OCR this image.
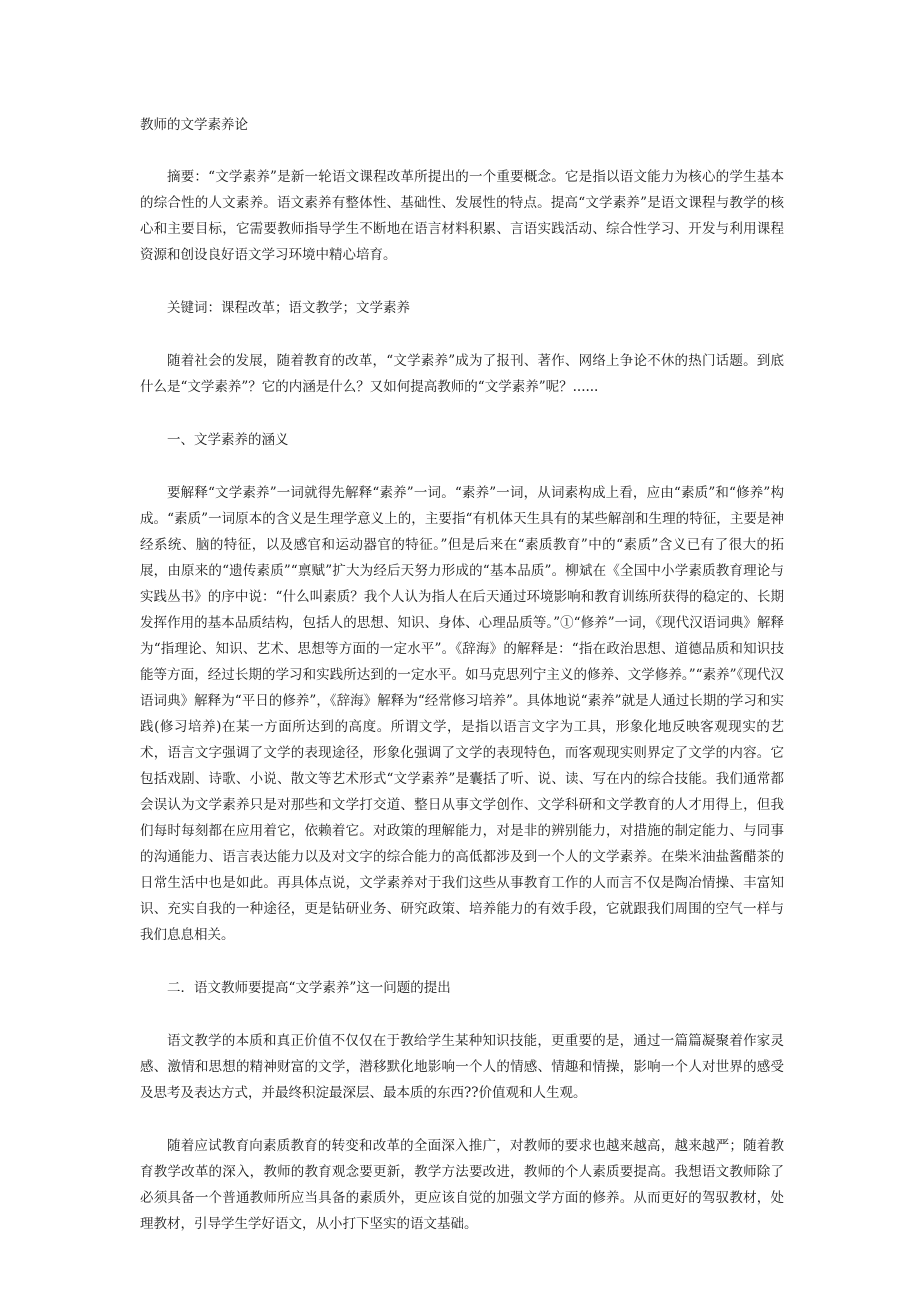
教师的文学素养论

摘要：“文学素养”是新一轮语文课程改革所提出的一个重要概念。它是指以语文能力为核心的学生基本的综合性的人文素养。语文素养有整体性、基础性、发展性的特点。提高“文学素养”是语文课程与教学的核心和主要目标，它需要教师指导学生不断地在语言材料积累、言语实践活动、综合性学习、开发与利用课程资源和创设良好语文学习环境中精心培育。

关键词：课程改革；语文教学；文学素养

随着社会的发展，随着教育的改革，“文学素养”成为了报刊、著作、网络上争论不休的热门话题。到底什么是“文学素养”？它的内涵是什么？又如何提高教师的“文学素养”呢？......

一、文学素养的涵义

要解释“文学素养”一词就得先解释“素养”一词。“素养”一词，从词素构成上看，应由“素质”和“修养”构成。“素质”一词原本的含义是生理学意义上的，主要指“有机体天生具有的某些解剖和生理的特征，主要是神经系统、脑的特征，以及感官和运动器官的特征。”但是后来在“素质教育”中的“素质”含义已有了很大的拓展，由原来的“遗传素质”“禀赋”扩大为经后天努力形成的“基本品质”。柳斌在《全国中小学素质教育理论与实践丛书》的序中说：“什么叫素质？我个人认为指人在后天通过环境影响和教育训练所获得的稳定的、长期发挥作用的基本品质结构，包括人的思想、知识、身体、心理品质等。”①“修养”一词，《现代汉语词典》解释为“指理论、知识、艺术、思想等方面的一定水平”。《辞海》的解释是：“指在政治思想、道德品质和知识技能等方面，经过长期的学习和实践所达到的一定水平。如马克思列宁主义的修养、文学修养。”“素养”《现代汉语词典》解释为“平日的修养”，《辞海》解释为“经常修习培养”。具体地说“素养”就是人通过长期的学习和实践(修习培养)在某一方面所达到的高度。所谓文学，是指以语言文字为工具，形象化地反映客观现实的艺术，语言文字强调了文学的表现途径，形象化强调了文学的表现特色，而客观现实则界定了文学的内容。它包括戏剧、诗歌、小说、散文等艺术形式“文学素养”是囊括了听、说、读、写在内的综合技能。我们通常都会误认为文学素养只是对那些和文学打交道、整日从事文学创作、文学科研和文学教育的人才用得上，但我们每时每刻都在应用着它，依赖着它。对政策的理解能力，对是非的辨别能力，对措施的制定能力、与同事的沟通能力、语言表达能力以及对文字的综合能力的高低都涉及到一个人的文学素养。在柴米油盐酱醋茶的日常生活中也是如此。再具体点说，文学素养对于我们这些从事教育工作的人而言不仅是陶冶情操、丰富知识、充实自我的一种途径，更是钻研业务、研究政策、培养能力的有效手段，它就跟我们周围的空气一样与我们息息相关。

二．语文教师要提高“文学素养”这一问题的提出

语文教学的本质和真正价值不仅仅在于教给学生某种知识技能，更重要的是，通过一篇篇凝聚着作家灵感、激情和思想的精神财富的文学，潜移默化地影响一个人的情感、情趣和情操，影响一个人对世界的感受及思考及表达方式，并最终积淀最深层、最本质的东西??价值观和人生观。

随着应试教育向素质教育的转变和改革的全面深入推广，对教师的要求也越来越高，越来越严；随着教育教学改革的深入，教师的教育观念要更新，教学方法要改进，教师的个人素质要提高。我想语文教师除了必须具备一个普通教师所应当具备的素质外，更应该自觉的加强文学方面的修养。从而更好的驾驭教材，处理教材，引导学生学好语文，从小打下坚实的语文基础。
